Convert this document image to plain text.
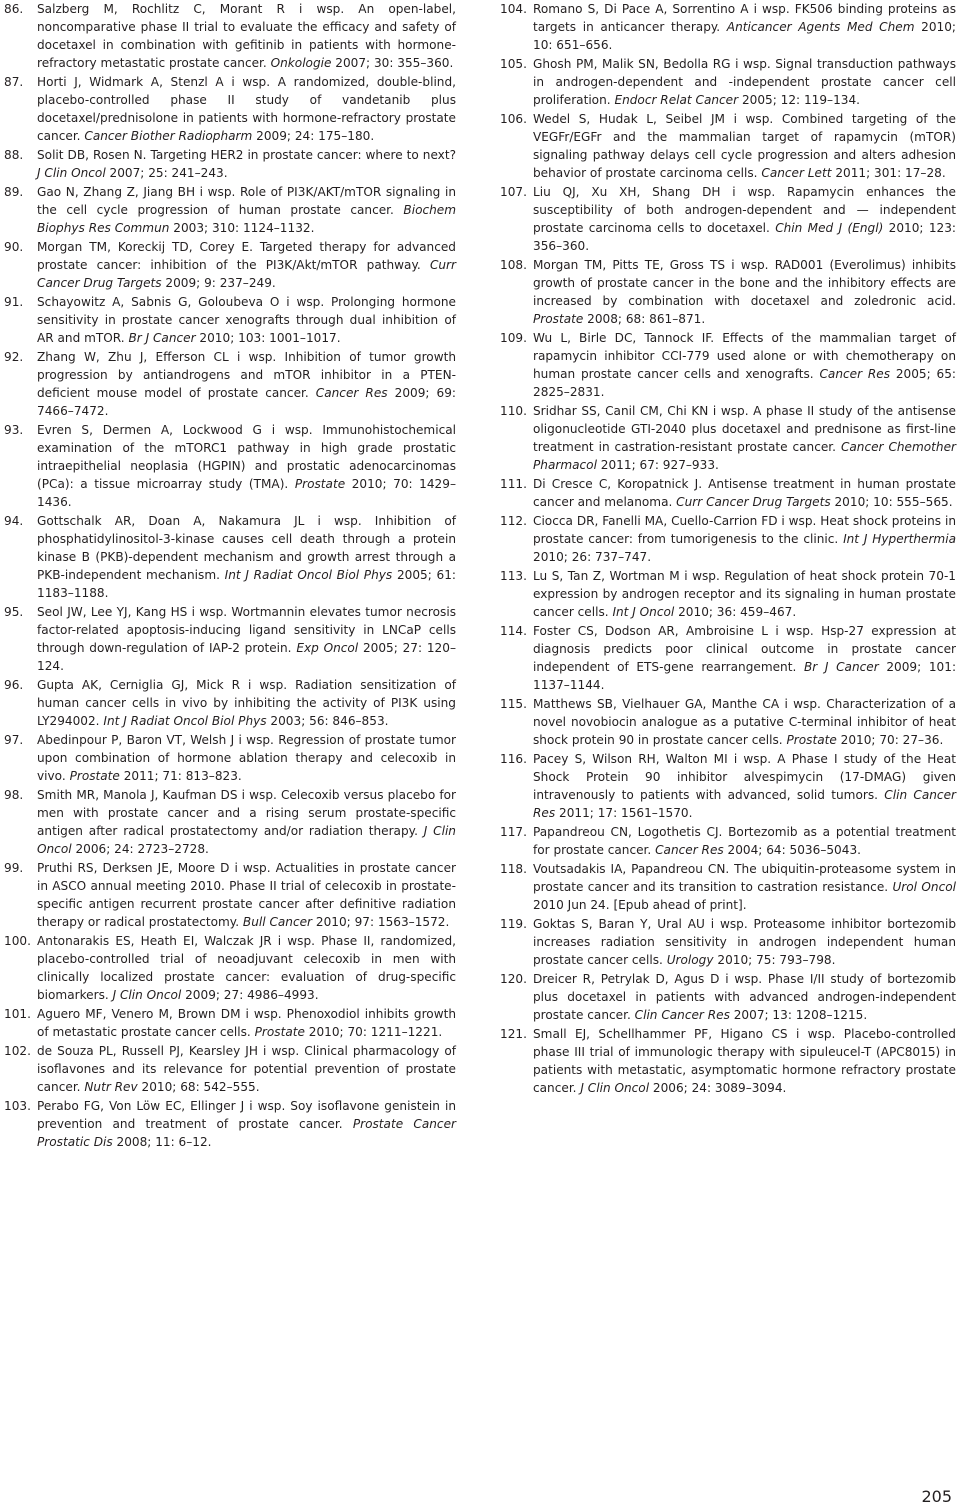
86. Salzberg M, Rochlitz C, Morant R i wsp. An open-label, noncomparative phase II trial to evaluate the efficacy and safety of docetaxel in combination with gefitinib in patients with hormone-refractory metastatic prostate cancer. Onkologie 2007; 30: 355–360.
87. Horti J, Widmark A, Stenzl A i wsp. A randomized, double-blind, placebo-controlled phase II study of vandetanib plus docetaxel/prednisolone in patients with hormone-refractory prostate cancer. Cancer Biother Radiopharm 2009; 24: 175–180.
88. Solit DB, Rosen N. Targeting HER2 in prostate cancer: where to next? J Clin Oncol 2007; 25: 241–243.
89. Gao N, Zhang Z, Jiang BH i wsp. Role of PI3K/AKT/mTOR signaling in the cell cycle progression of human prostate cancer. Biochem Biophys Res Commun 2003; 310: 1124–1132.
90. Morgan TM, Koreckij TD, Corey E. Targeted therapy for advanced prostate cancer: inhibition of the PI3K/Akt/mTOR pathway. Curr Cancer Drug Targets 2009; 9: 237–249.
91. Schayowitz A, Sabnis G, Goloubeva O i wsp. Prolonging hormone sensitivity in prostate cancer xenografts through dual inhibition of AR and mTOR. Br J Cancer 2010; 103: 1001–1017.
92. Zhang W, Zhu J, Efferson CL i wsp. Inhibition of tumor growth progression by antiandrogens and mTOR inhibitor in a PTEN-deficient mouse model of prostate cancer. Cancer Res 2009; 69: 7466–7472.
93. Evren S, Dermen A, Lockwood G i wsp. Immunohistochemical examination of the mTORC1 pathway in high grade prostatic intraepithelial neoplasia (HGPIN) and prostatic adenocarcinomas (PCa): a tissue microarray study (TMA). Prostate 2010; 70: 1429–1436.
94. Gottschalk AR, Doan A, Nakamura JL i wsp. Inhibition of phosphatidylinositol-3-kinase causes cell death through a protein kinase B (PKB)-dependent mechanism and growth arrest through a PKB-independent mechanism. Int J Radiat Oncol Biol Phys 2005; 61: 1183–1188.
95. Seol JW, Lee YJ, Kang HS i wsp. Wortmannin elevates tumor necrosis factor-related apoptosis-inducing ligand sensitivity in LNCaP cells through down-regulation of IAP-2 protein. Exp Oncol 2005; 27: 120–124.
96. Gupta AK, Cerniglia GJ, Mick R i wsp. Radiation sensitization of human cancer cells in vivo by inhibiting the activity of PI3K using LY294002. Int J Radiat Oncol Biol Phys 2003; 56: 846–853.
97. Abedinpour P, Baron VT, Welsh J i wsp. Regression of prostate tumor upon combination of hormone ablation therapy and celecoxib in vivo. Prostate 2011; 71: 813–823.
98. Smith MR, Manola J, Kaufman DS i wsp. Celecoxib versus placebo for men with prostate cancer and a rising serum prostate-specific antigen after radical prostatectomy and/or radiation therapy. J Clin Oncol 2006; 24: 2723–2728.
99. Pruthi RS, Derksen JE, Moore D i wsp. Actualities in prostate cancer in ASCO annual meeting 2010. Phase II trial of celecoxib in prostate-specific antigen recurrent prostate cancer after definitive radiation therapy or radical prostatectomy. Bull Cancer 2010; 97: 1563–1572.
100. Antonarakis ES, Heath EI, Walczak JR i wsp. Phase II, randomized, placebo-controlled trial of neoadjuvant celecoxib in men with clinically localized prostate cancer: evaluation of drug-specific biomarkers. J Clin Oncol 2009; 27: 4986–4993.
101. Aguero MF, Venero M, Brown DM i wsp. Phenoxodiol inhibits growth of metastatic prostate cancer cells. Prostate 2010; 70: 1211–1221.
102. de Souza PL, Russell PJ, Kearsley JH i wsp. Clinical pharmacology of isoflavones and its relevance for potential prevention of prostate cancer. Nutr Rev 2010; 68: 542–555.
103. Perabo FG, Von Löw EC, Ellinger J i wsp. Soy isoflavone genistein in prevention and treatment of prostate cancer. Prostate Cancer Prostatic Dis 2008; 11: 6–12.
104. Romano S, Di Pace A, Sorrentino A i wsp. FK506 binding proteins as targets in anticancer therapy. Anticancer Agents Med Chem 2010; 10: 651–656.
105. Ghosh PM, Malik SN, Bedolla RG i wsp. Signal transduction pathways in androgen-dependent and -independent prostate cancer cell proliferation. Endocr Relat Cancer 2005; 12: 119–134.
106. Wedel S, Hudak L, Seibel JM i wsp. Combined targeting of the VEGFr/EGFr and the mammalian target of rapamycin (mTOR) signaling pathway delays cell cycle progression and alters adhesion behavior of prostate carcinoma cells. Cancer Lett 2011; 301: 17–28.
107. Liu QJ, Xu XH, Shang DH i wsp. Rapamycin enhances the susceptibility of both androgen-dependent and — independent prostate carcinoma cells to docetaxel. Chin Med J (Engl) 2010; 123: 356–360.
108. Morgan TM, Pitts TE, Gross TS i wsp. RAD001 (Everolimus) inhibits growth of prostate cancer in the bone and the inhibitory effects are increased by combination with docetaxel and zoledronic acid. Prostate 2008; 68: 861–871.
109. Wu L, Birle DC, Tannock IF. Effects of the mammalian target of rapamycin inhibitor CCI-779 used alone or with chemotherapy on human prostate cancer cells and xenografts. Cancer Res 2005; 65: 2825–2831.
110. Sridhar SS, Canil CM, Chi KN i wsp. A phase II study of the antisense oligonucleotide GTI-2040 plus docetaxel and prednisone as first-line treatment in castration-resistant prostate cancer. Cancer Chemother Pharmacol 2011; 67: 927–933.
111. Di Cresce C, Koropatnick J. Antisense treatment in human prostate cancer and melanoma. Curr Cancer Drug Targets 2010; 10: 555–565.
112. Ciocca DR, Fanelli MA, Cuello-Carrion FD i wsp. Heat shock proteins in prostate cancer: from tumorigenesis to the clinic. Int J Hyperthermia 2010; 26: 737–747.
113. Lu S, Tan Z, Wortman M i wsp. Regulation of heat shock protein 70-1 expression by androgen receptor and its signaling in human prostate cancer cells. Int J Oncol 2010; 36: 459–467.
114. Foster CS, Dodson AR, Ambroisine L i wsp. Hsp-27 expression at diagnosis predicts poor clinical outcome in prostate cancer independent of ETS-gene rearrangement. Br J Cancer 2009; 101: 1137–1144.
115. Matthews SB, Vielhauer GA, Manthe CA i wsp. Characterization of a novel novobiocin analogue as a putative C-terminal inhibitor of heat shock protein 90 in prostate cancer cells. Prostate 2010; 70: 27–36.
116. Pacey S, Wilson RH, Walton MI i wsp. A Phase I study of the Heat Shock Protein 90 inhibitor alvespimycin (17-DMAG) given intravenously to patients with advanced, solid tumors. Clin Cancer Res 2011; 17: 1561–1570.
117. Papandreou CN, Logothetis CJ. Bortezomib as a potential treatment for prostate cancer. Cancer Res 2004; 64: 5036–5043.
118. Voutsadakis IA, Papandreou CN. The ubiquitin-proteasome system in prostate cancer and its transition to castration resistance. Urol Oncol 2010 Jun 24. [Epub ahead of print].
119. Goktas S, Baran Y, Ural AU i wsp. Proteasome inhibitor bortezomib increases radiation sensitivity in androgen independent human prostate cancer cells. Urology 2010; 75: 793–798.
120. Dreicer R, Petrylak D, Agus D i wsp. Phase I/II study of bortezomib plus docetaxel in patients with advanced androgen-independent prostate cancer. Clin Cancer Res 2007; 13: 1208–1215.
121. Small EJ, Schellhammer PF, Higano CS i wsp. Placebo-controlled phase III trial of immunologic therapy with sipuleucel-T (APC8015) in patients with metastatic, asymptomatic hormone refractory prostate cancer. J Clin Oncol 2006; 24: 3089–3094.
205
